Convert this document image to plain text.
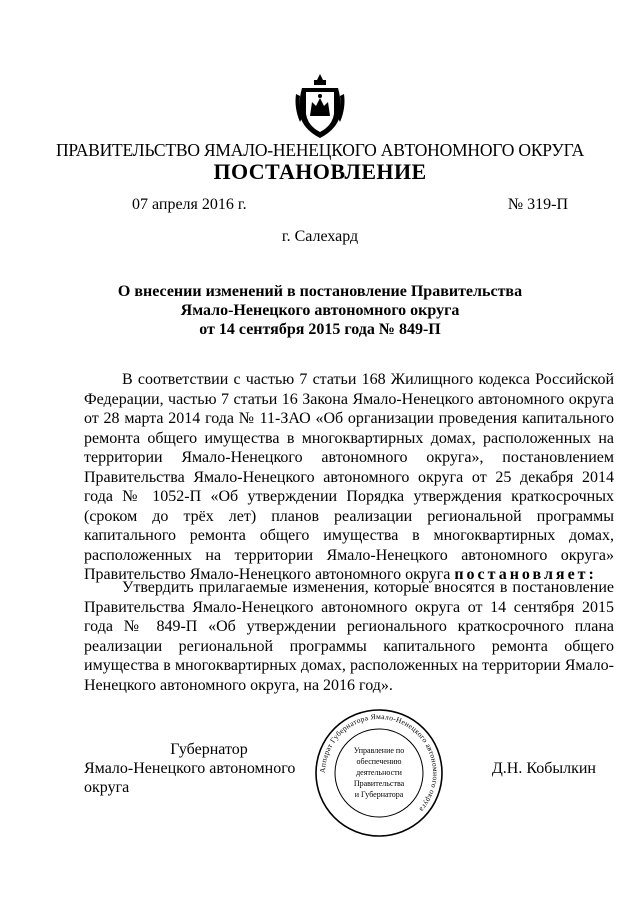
ПРАВИТЕЛЬСТВО ЯМАЛО-НЕНЕЦКОГО АВТОНОМНОГО ОКРУГА
ПОСТАНОВЛЕНИЕ
07 апреля 2016 г.	№ 319-П
г. Салехард
О внесении изменений в постановление Правительства
Ямало-Ненецкого автономного округа
от 14 сентября 2015 года № 849-П

В соответствии с частью 7 статьи 168 Жилищного кодекса Российской Федерации, частью 7 статьи 16 Закона Ямало-Ненецкого автономного округа от 28 марта 2014 года № 11-ЗАО «Об организации проведения капитального ремонта общего имущества в многоквартирных домах, расположенных на территории Ямало-Ненецкого автономного округа», постановлением Правительства Ямало-Ненецкого автономного округа от 25 декабря 2014 года № 1052-П «Об утверждении Порядка утверждения краткосрочных (сроком до трёх лет) планов реализации региональной программы капитального ремонта общего имущества в многоквартирных домах, расположенных на территории Ямало-Ненецкого автономного округа» Правительство Ямало-Ненецкого автономного округа постановляет:

Утвердить прилагаемые изменения, которые вносятся в постановление Правительства Ямало-Ненецкого автономного округа от 14 сентября 2015 года № 849-П «Об утверждении регионального краткосрочного плана реализации региональной программы капитального ремонта общего имущества в многоквартирных домах, расположенных на территории Ямало-Ненецкого автономного округа, на 2016 год».

Губернатор
Ямало-Ненецкого автономного округа
Аппарат Губернатора Ямало-Ненецкого автономного округа
Управление по
обеспечению
деятельности
Правительства
и Губернатора
Д.Н. Кобылкин
